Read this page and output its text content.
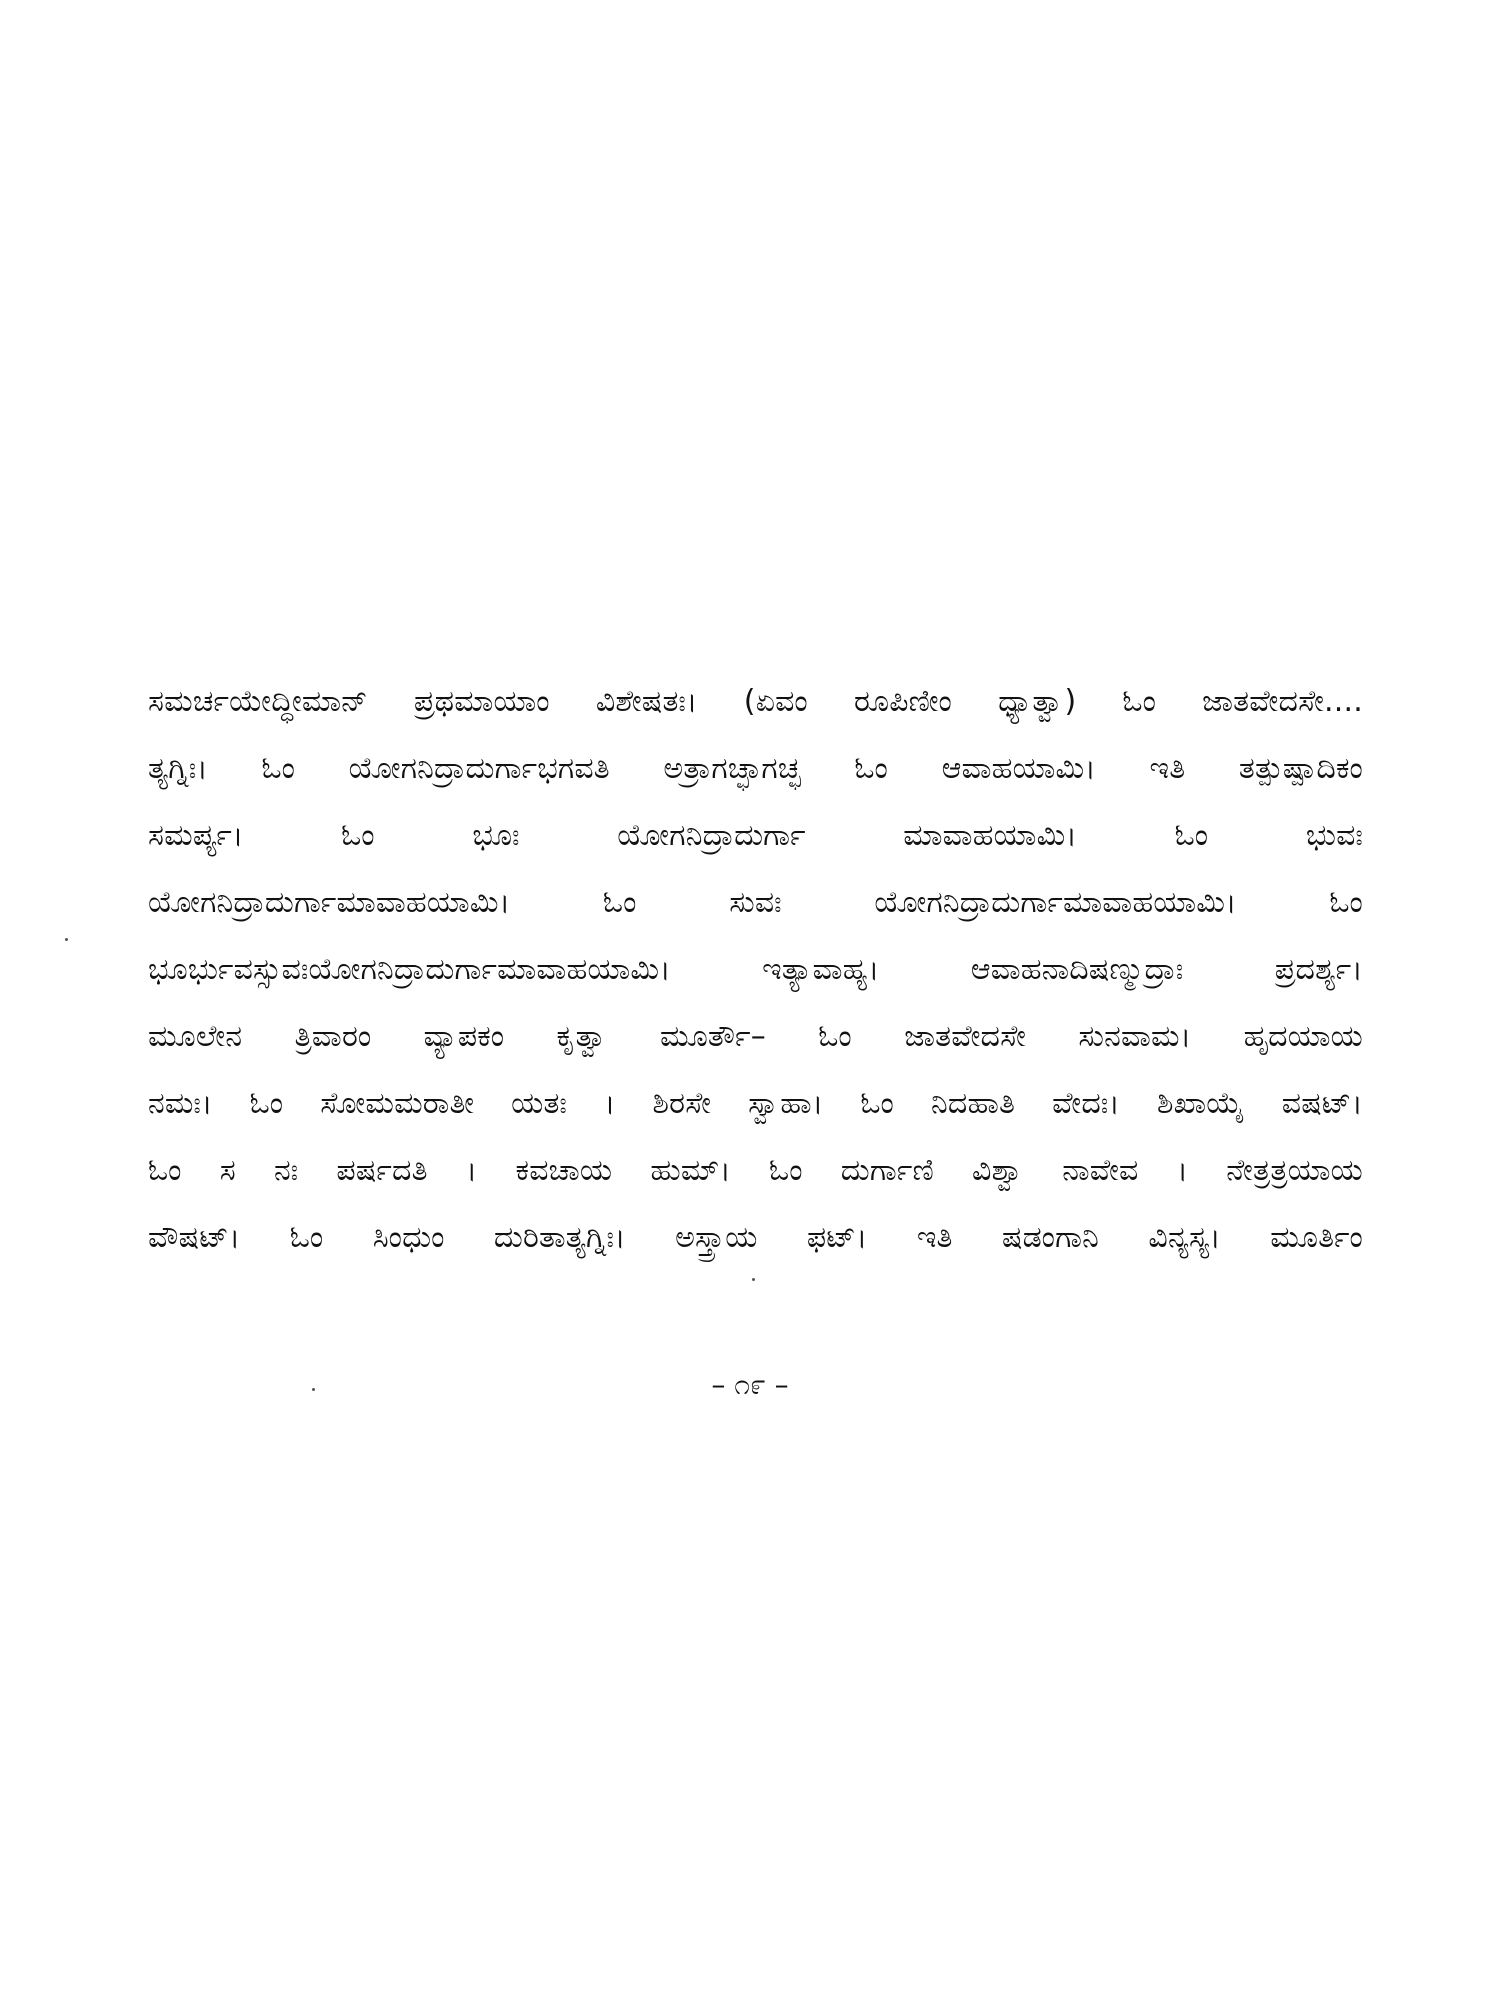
ಸಮರ್ಚಯೇದ್ಧೀಮಾನ್ ಪ್ರಥಮಾಯಾಂ ವಿಶೇಷತಃ। (ಏವಂ ರೂಪಿಣೀಂ ಧ್ಯಾತ್ವಾ) ಓಂ ಜಾತವೇದಸೇ....
ತ್ಯಗ್ನಿಃ। ಓಂ ಯೋಗನಿದ್ರಾದುರ್ಗಾಭಗವತಿ ಅತ್ರಾಗಚ್ಛಾಗಚ್ಛ ಓಂ ಆವಾಹಯಾಮಿ। ಇತಿ ತತ್ಪುಷ್ಪಾದಿಕಂ
ಸಮರ್ಪ್ಯ। ಓಂ ಭೂಃ ಯೋಗನಿದ್ರಾದುರ್ಗಾ ಮಾವಾಹಯಾಮಿ। ಓಂ ಭುವಃ
ಯೋಗನಿದ್ರಾದುರ್ಗಾಮಾವಾಹಯಾಮಿ। ಓಂ ಸುವಃ ಯೋಗನಿದ್ರಾದುರ್ಗಾಮಾವಾಹಯಾಮಿ। ಓಂ
ಭೂರ್ಭುವಸ್ಸುವಃಯೋಗನಿದ್ರಾದುರ್ಗಾಮಾವಾಹಯಾಮಿ। ಇತ್ಯಾವಾಹ್ಯ। ಆವಾಹನಾದಿಷಣ್ಮುದ್ರಾಃ ಪ್ರದರ್ಶ್ಯ।
ಮೂಲೇನ ತ್ರಿವಾರಂ ವ್ಯಾಪಕಂ ಕೃತ್ವಾ ಮೂರ್ತೌ– ಓಂ ಜಾತವೇದಸೇ ಸುನವಾಮ। ಹೃದಯಾಯ
ನಮಃ। ಓಂ ಸೋಮಮರಾತೀ ಯತಃ । ಶಿರಸೇ ಸ್ವಾಹಾ। ಓಂ ನಿದಹಾತಿ ವೇದಃ। ಶಿಖಾಯೈ ವಷಟ್।
ಓಂ ಸ ನಃ ಪರ್ಷದತಿ । ಕವಚಾಯ ಹುಮ್। ಓಂ ದುರ್ಗಾಣಿ ವಿಶ್ವಾ ನಾವೇವ । ನೇತ್ರತ್ರಯಾಯ
ವೌಷಟ್। ಓಂ ಸಿಂಧುಂ ದುರಿತಾತ್ಯಗ್ನಿಃ। ಅಸ್ತ್ರಾಯ ಫಟ್। ಇತಿ ಷಡಂಗಾನಿ ವಿನ್ಯಸ್ಯ। ಮೂರ್ತಿಂ
– ೧೯ –
